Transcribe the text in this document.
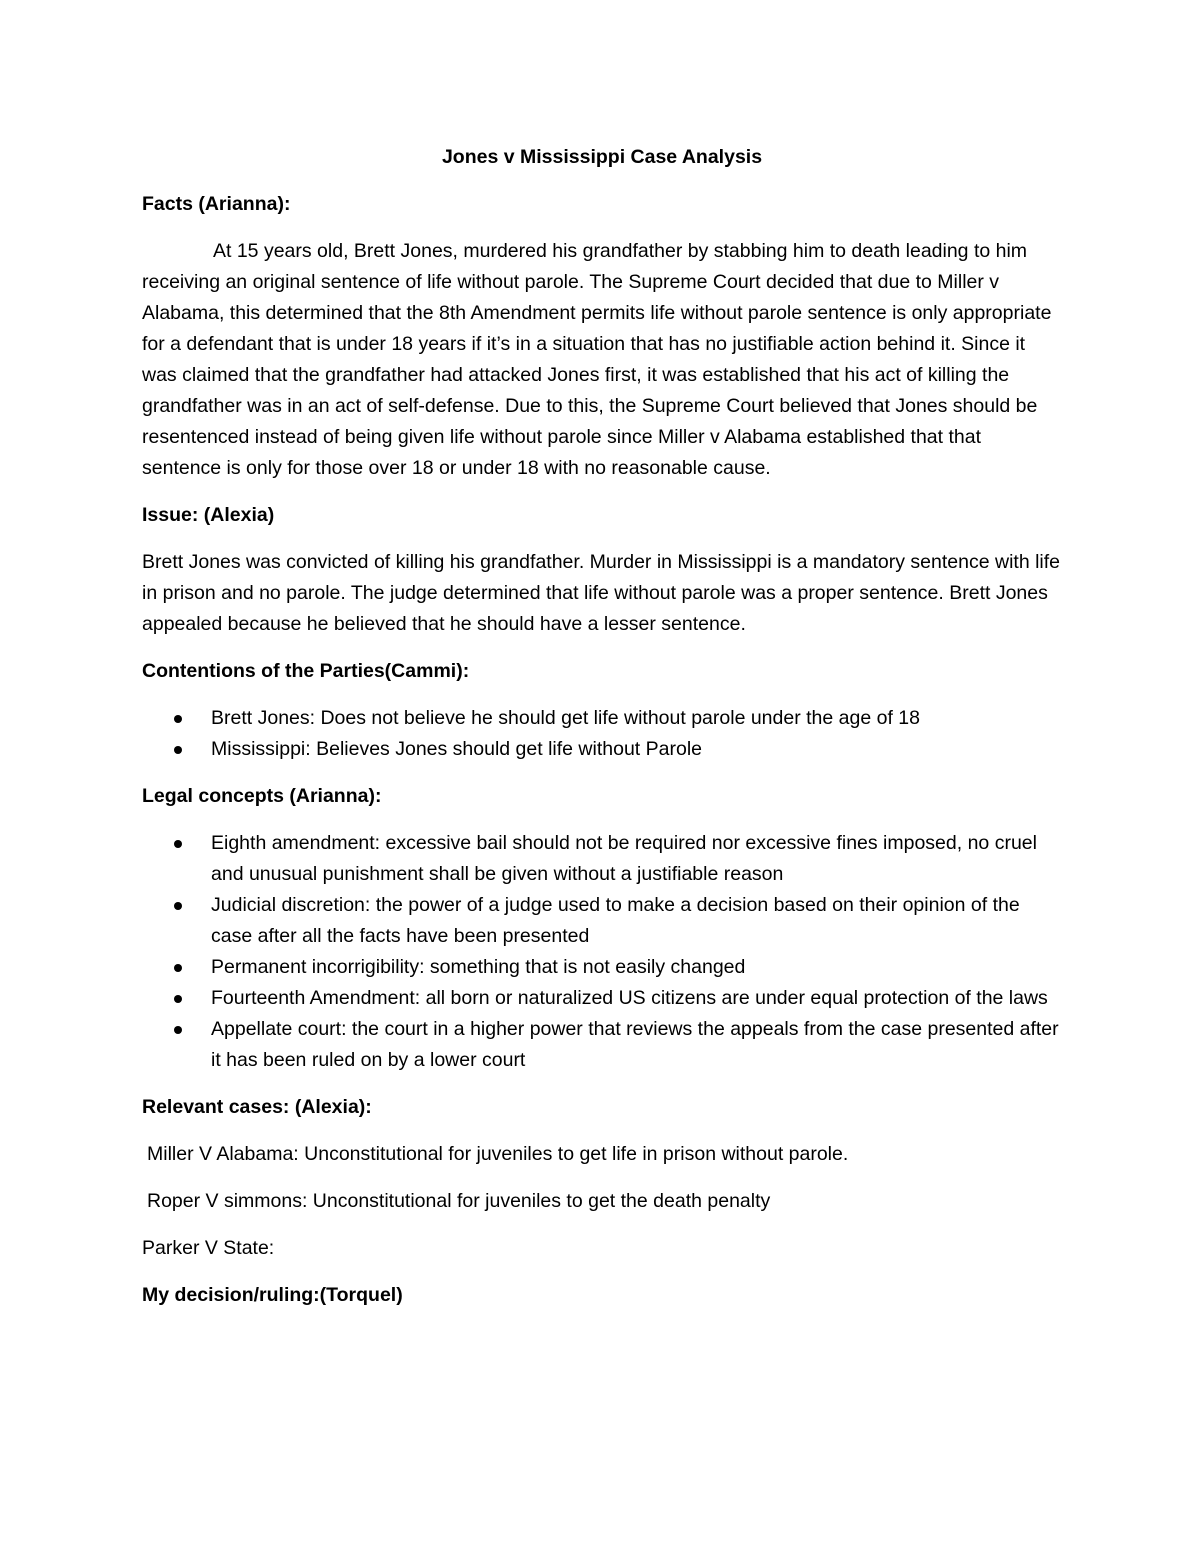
Jones v Mississippi Case Analysis
Facts (Arianna):
At 15 years old, Brett Jones, murdered his grandfather by stabbing him to death leading to him receiving an original sentence of life without parole. The Supreme Court decided that due to Miller v Alabama, this determined that the 8th Amendment permits life without parole sentence is only appropriate for a defendant that is under 18 years if it’s in a situation that has no justifiable action behind it. Since it was claimed that the grandfather had attacked Jones first, it was established that his act of killing the grandfather was in an act of self-defense. Due to this, the Supreme Court believed that Jones should be resentenced instead of being given life without parole since Miller v Alabama established that that sentence is only for those over 18 or under 18 with no reasonable cause.
Issue: (Alexia)
Brett Jones was convicted of killing his grandfather. Murder in Mississippi is a mandatory sentence with life in prison and no parole. The judge determined that life without parole was a proper sentence. Brett Jones appealed because he believed that he should have a lesser sentence.
Contentions of the Parties(Cammi):
Brett Jones: Does not believe he should get life without parole under the age of 18
Mississippi: Believes Jones should get life without Parole
Legal concepts (Arianna):
Eighth amendment: excessive bail should not be required nor excessive fines imposed, no cruel and unusual punishment shall be given without a justifiable reason
Judicial discretion: the power of a judge used to make a decision based on their opinion of the case after all the facts have been presented
Permanent incorrigibility: something that is not easily changed
Fourteenth Amendment: all born or naturalized US citizens are under equal protection of the laws
Appellate court: the court in a higher power that reviews the appeals from the case presented after it has been ruled on by a lower court
Relevant cases: (Alexia):
Miller V Alabama: Unconstitutional for juveniles to get life in prison without parole.
Roper V simmons: Unconstitutional for juveniles to get the death penalty
Parker V State:
My decision/ruling:(Torquel)
